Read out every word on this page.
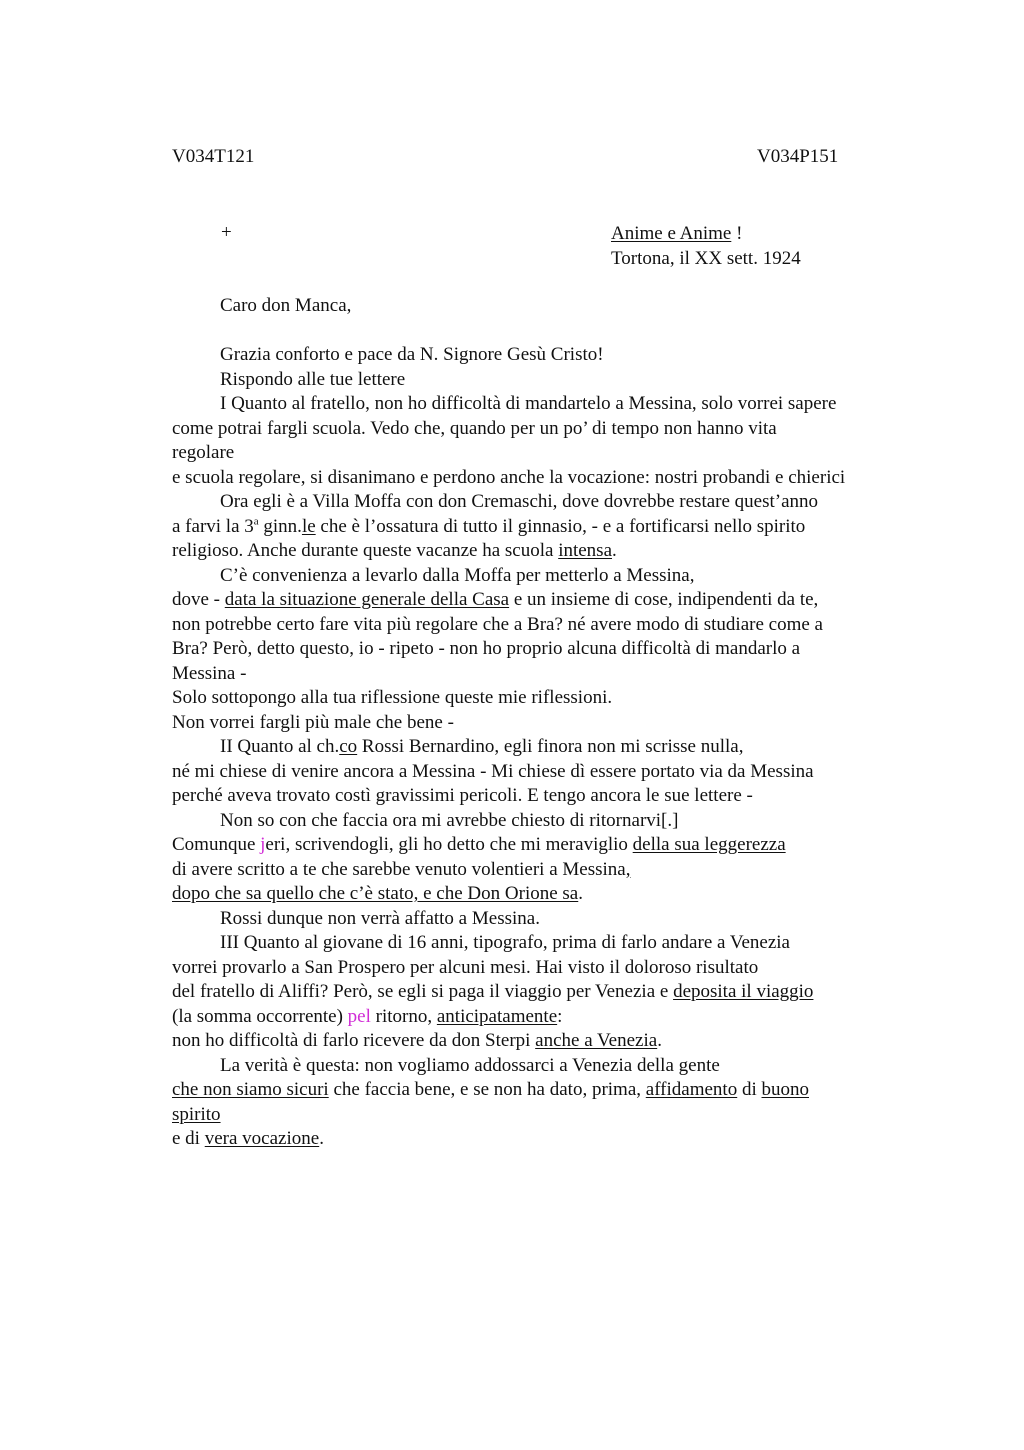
V034T121	V034P151
+	Anime e Anime !
Tortona, il XX sett. 1924
Caro don Manca,
Grazia conforto e pace da N. Signore Gesù Cristo!
Rispondo alle tue lettere
I Quanto al fratello, non ho difficoltà di mandartelo a Messina, solo vorrei sapere
come potrai fargli scuola. Vedo che, quando per un po’ di tempo non hanno vita
regolare
e scuola regolare, si disanimano e perdono anche la vocazione: nostri probandi e chierici
Ora egli è a Villa Moffa con don Cremaschi, dove dovrebbe restare quest’anno
a farvi la 3$^a$ ginn.le che è l’ossatura di tutto il ginnasio, - e a fortificarsi nello spirito
religioso. Anche durante queste vacanze ha scuola intensa.
C’è convenienza a levarlo dalla Moffa per metterlo a Messina,
dove - data la situazione generale della Casa e un insieme di cose, indipendenti da te,
non potrebbe certo fare vita più regolare che a Bra? né avere modo di studiare come a
Bra? Però, detto questo, io - ripeto - non ho proprio alcuna difficoltà di mandarlo a
Messina -
Solo sottopongo alla tua riflessione queste mie riflessioni.
Non vorrei fargli più male che bene -
II Quanto al ch.co Rossi Bernardino, egli finora non mi scrisse nulla,
né mi chiese di venire ancora a Messina - Mi chiese dì essere portato via da Messina
perché aveva trovato costì gravissimi pericoli. E tengo ancora le sue lettere -
Non so con che faccia ora mi avrebbe chiesto di ritornarvi[.]
Comunque jeri, scrivendogli, gli ho detto che mi meraviglio della sua leggerezza
di avere scritto a te che sarebbe venuto volentieri a Messina,
dopo che sa quello che c’è stato, e che Don Orione sa.
Rossi dunque non verrà affatto a Messina.
III Quanto al giovane di 16 anni, tipografo, prima di farlo andare a Venezia
vorrei provarlo a San Prospero per alcuni mesi. Hai visto il doloroso risultato
del fratello di Aliffi? Però, se egli si paga il viaggio per Venezia e deposita il viaggio
(la somma occorrente) pel ritorno, anticipatamente:
non ho difficoltà di farlo ricevere da don Sterpi anche a Venezia.
La verità è questa: non vogliamo addossarci a Venezia della gente
che non siamo sicuri che faccia bene, e se non ha dato, prima, affidamento di buono
spirito
e di vera vocazione.
